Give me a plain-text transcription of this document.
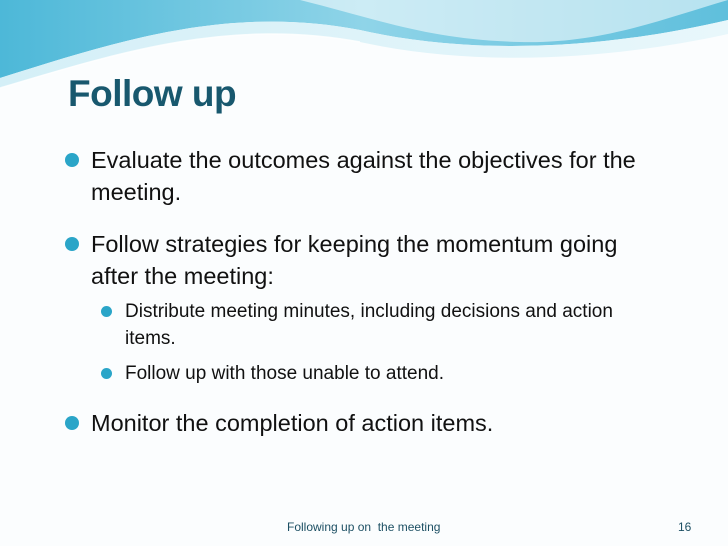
Follow up
Evaluate the outcomes against the objectives for the meeting.
Follow strategies for keeping the momentum going after the meeting:
Distribute meeting minutes, including decisions and action items.
Follow up with those unable to attend.
Monitor the completion of action items.
Following up on  the meeting	16
